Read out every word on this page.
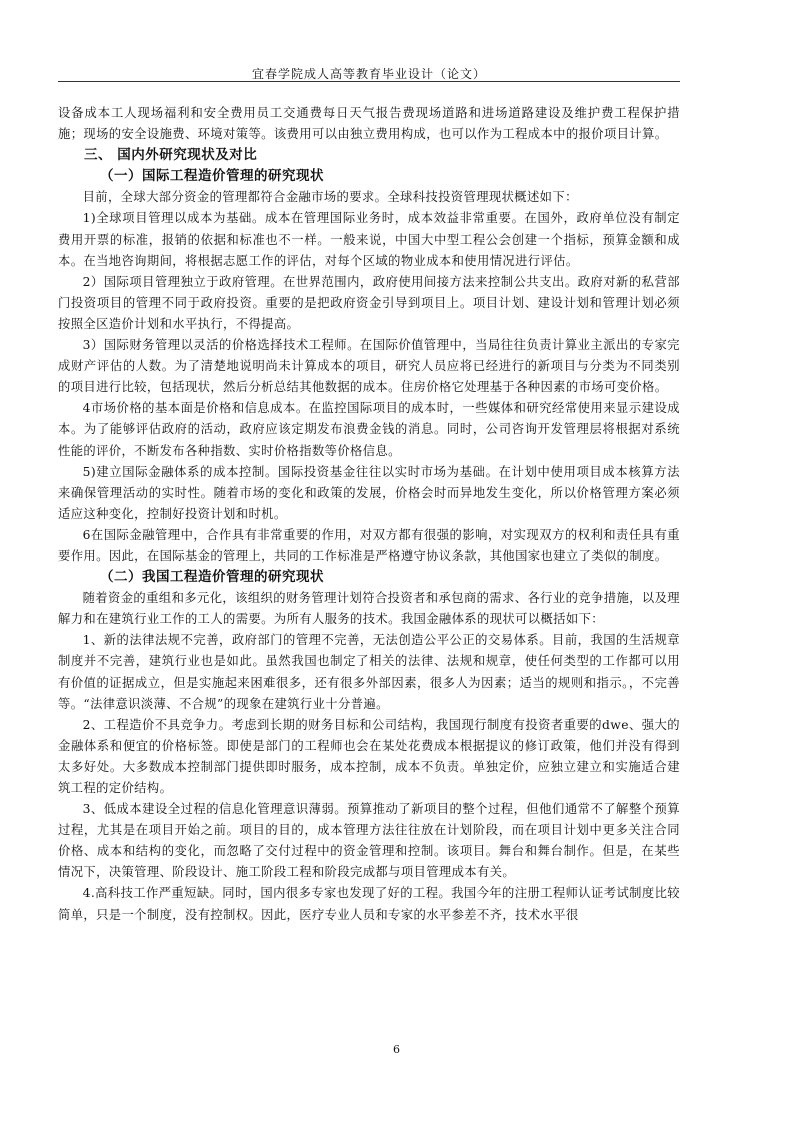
宜春学院成人高等教育毕业设计（论文）

设备成本工人现场福利和安全费用员工交通费每日天气报告费现场道路和进场道路建设及维护费工程保护措施；现场的安全设施费、环境对策等。该费用可以由独立费用构成，也可以作为工程成本中的报价项目计算。

三、 国内外研究现状及对比

（一）国际工程造价管理的研究现状

目前，全球大部分资金的管理都符合金融市场的要求。全球科技投资管理现状概述如下：

1)全球项目管理以成本为基础。成本在管理国际业务时，成本效益非常重要。在国外，政府单位没有制定费用开票的标准，报销的依据和标准也不一样。一般来说，中国大中型工程公会创建一个指标，预算金额和成本。在当地咨询期间，将根据志愿工作的评估，对每个区域的物业成本和使用情况进行评估。

2）国际项目管理独立于政府管理。在世界范围内，政府使用间接方法来控制公共支出。政府对新的私营部门投资项目的管理不同于政府投资。重要的是把政府资金引导到项目上。项目计划、建设计划和管理计划必须按照全区造价计划和水平执行，不得提高。

3）国际财务管理以灵活的价格选择技术工程师。在国际价值管理中，当局往往负责计算业主派出的专家完成财产评估的人数。为了清楚地说明尚未计算成本的项目，研究人员应将已经进行的新项目与分类为不同类别的项目进行比较，包括现状，然后分析总结其他数据的成本。住房价格它处理基于各种因素的市场可变价格。

4市场价格的基本面是价格和信息成本。在监控国际项目的成本时，一些媒体和研究经常使用来显示建设成本。为了能够评估政府的活动，政府应该定期发布浪费金钱的消息。同时，公司咨询开发管理层将根据对系统性能的评价，不断发布各种指数、实时价格指数等价格信息。

5)建立国际金融体系的成本控制。国际投资基金往往以实时市场为基础。在计划中使用项目成本核算方法来确保管理活动的实时性。随着市场的变化和政策的发展，价格会时而异地发生变化，所以价格管理方案必须适应这种变化，控制好投资计划和时机。

6在国际金融管理中，合作具有非常重要的作用，对双方都有很强的影响，对实现双方的权利和责任具有重要作用。因此，在国际基金的管理上，共同的工作标准是严格遵守协议条款，其他国家也建立了类似的制度。

（二）我国工程造价管理的研究现状

随着资金的重组和多元化，该组织的财务管理计划符合投资者和承包商的需求、各行业的竞争措施，以及理解力和在建筑行业工作的工人的需要。为所有人服务的技术。我国金融体系的现状可以概括如下：

1、新的法律法规不完善，政府部门的管理不完善，无法创造公平公正的交易体系。目前，我国的生活规章制度并不完善，建筑行业也是如此。虽然我国也制定了相关的法律、法规和规章，使任何类型的工作都可以用有价值的证据成立，但是实施起来困难很多，还有很多外部因素，很多人为因素；适当的规则和指示。，不完善等。“法律意识淡薄、不合规”的现象在建筑行业十分普遍。

2、工程造价不具竞争力。考虑到长期的财务目标和公司结构，我国现行制度有投资者重要的dwe、强大的金融体系和便宜的价格标签。即使是部门的工程师也会在某处花费成本根据提议的修订政策，他们并没有得到太多好处。大多数成本控制部门提供即时服务，成本控制，成本不负责。单独定价，应独立建立和实施适合建筑工程的定价结构。

3、低成本建设全过程的信息化管理意识薄弱。预算推动了新项目的整个过程，但他们通常不了解整个预算过程，尤其是在项目开始之前。项目的目的，成本管理方法往往放在计划阶段，而在项目计划中更多关注合同价格、成本和结构的变化，而忽略了交付过程中的资金管理和控制。该项目。舞台和舞台制作。但是，在某些情况下，决策管理、阶段设计、施工阶段工程和阶段完成都与项目管理成本有关。

4.高科技工作严重短缺。同时，国内很多专家也发现了好的工程。我国今年的注册工程师认证考试制度比较简单，只是一个制度，没有控制权。因此，医疗专业人员和专家的水平参差不齐，技术水平很

6
